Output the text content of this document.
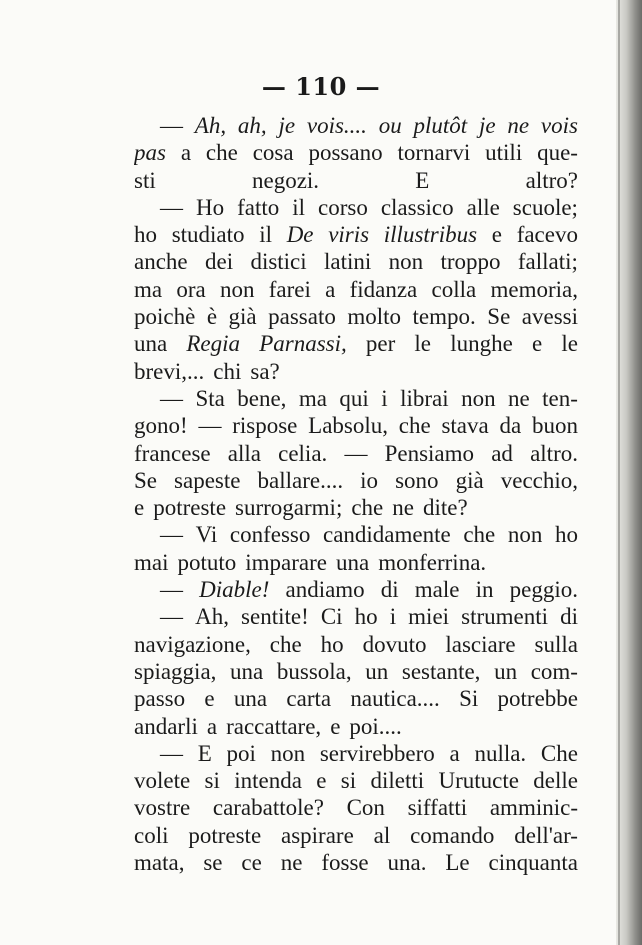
— 110 —
— Ah, ah, je vois.... ou plutôt je ne vois
pas a che cosa possano tornarvi utili que-
sti	negozi.	E	altro?
— Ho fatto il corso classico alle scuole;
ho studiato il De viris illustribus e facevo
anche dei distici latini non troppo fallati;
ma ora non farei a fidanza colla memoria,
poichè è già passato molto tempo. Se avessi
una Regia Parnassi, per le lunghe e le
brevi,... chi sa?
— Sta bene, ma qui i librai non ne ten-
gono! — rispose Labsolu, che stava da buon
francese alla celia. — Pensiamo ad altro.
Se sapeste ballare.... io sono già vecchio,
e potreste surrogarmi; che ne dite?
— Vi confesso candidamente che non ho
mai potuto imparare una monferrina.
— Diable! andiamo di male in peggio.
— Ah, sentite! Ci ho i miei strumenti di
navigazione, che ho dovuto lasciare sulla
spiaggia, una bussola, un sestante, un com-
passo e una carta nautica.... Si potrebbe
andarli a raccattare, e poi....
— E poi non servirebbero a nulla. Che
volete si intenda e si diletti Urutucte delle
vostre carabattole? Con siffatti amminic-
coli potreste aspirare al comando dell'ar-
mata, se ce ne fosse una. Le cinquanta
